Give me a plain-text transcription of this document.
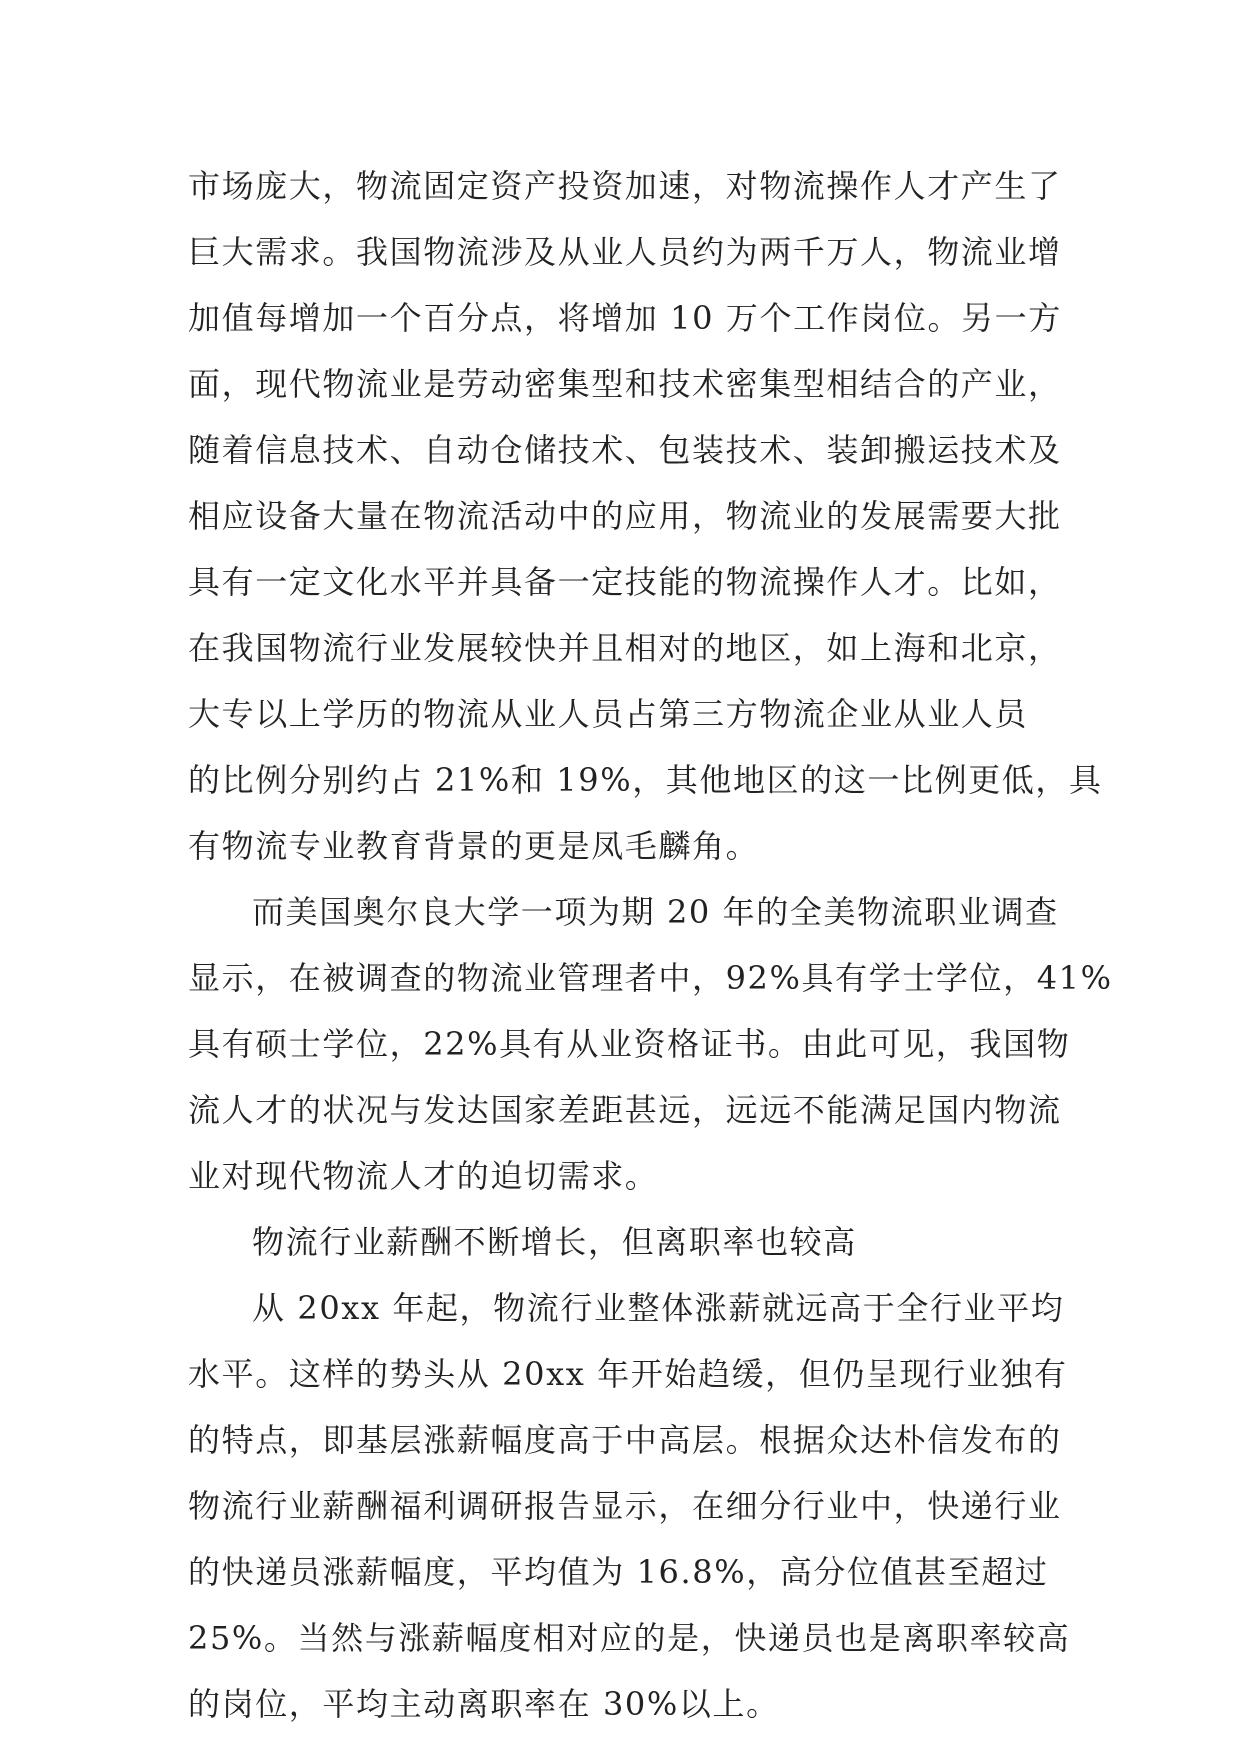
市场庞大，物流固定资产投资加速，对物流操作人才产生了
巨大需求。我国物流涉及从业人员约为两千万人，物流业增
加值每增加一个百分点，将增加 10 万个工作岗位。另一方
面，现代物流业是劳动密集型和技术密集型相结合的产业，
随着信息技术、自动仓储技术、包装技术、装卸搬运技术及
相应设备大量在物流活动中的应用，物流业的发展需要大批
具有一定文化水平并具备一定技能的物流操作人才。比如，
在我国物流行业发展较快并且相对的地区，如上海和北京，
大专以上学历的物流从业人员占第三方物流企业从业人员
的比例分别约占 21%和 19%，其他地区的这一比例更低，具
有物流专业教育背景的更是凤毛麟角。
而美国奥尔良大学一项为期 20 年的全美物流职业调查
显示，在被调查的物流业管理者中，92%具有学士学位，41%
具有硕士学位，22%具有从业资格证书。由此可见，我国物
流人才的状况与发达国家差距甚远，远远不能满足国内物流
业对现代物流人才的迫切需求。
物流行业薪酬不断增长，但离职率也较高
从 20xx 年起，物流行业整体涨薪就远高于全行业平均
水平。这样的势头从 20xx 年开始趋缓，但仍呈现行业独有
的特点，即基层涨薪幅度高于中高层。根据众达朴信发布的
物流行业薪酬福利调研报告显示，在细分行业中，快递行业
的快递员涨薪幅度，平均值为 16.8%，高分位值甚至超过
25%。当然与涨薪幅度相对应的是，快递员也是离职率较高
的岗位，平均主动离职率在 30%以上。
